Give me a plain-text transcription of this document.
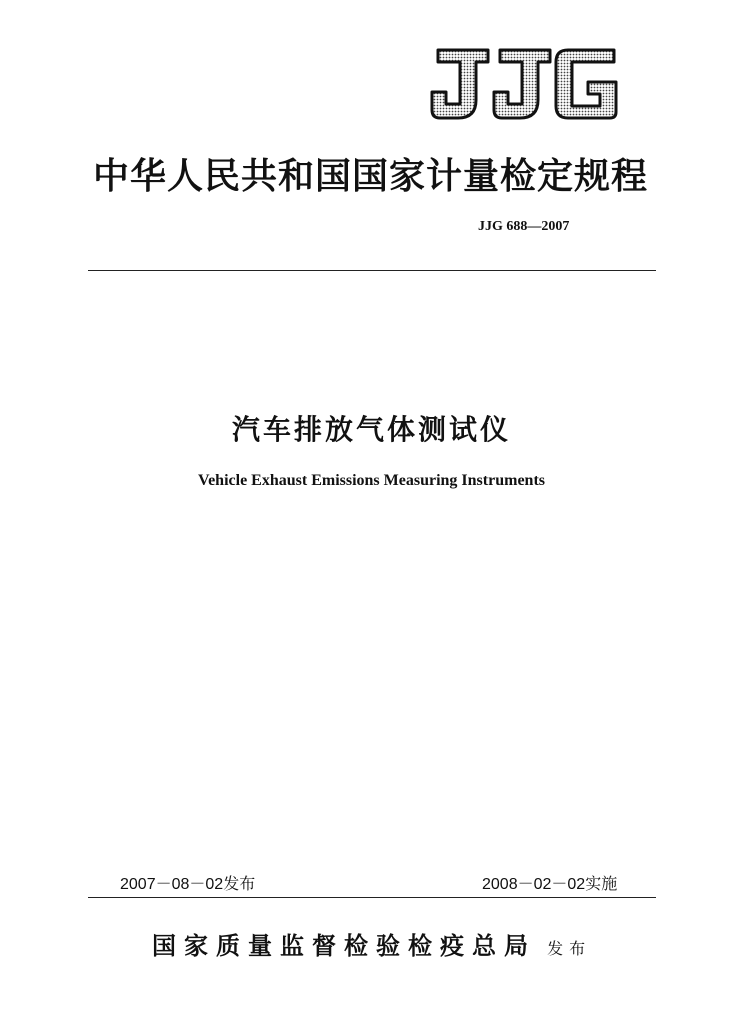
中华人民共和国国家计量检定规程
JJG 688—2007
汽车排放气体测试仪
Vehicle Exhaust Emissions Measuring Instruments
2007－08－02发布	2008－02－02实施
国家质量监督检验检疫总局 发布
